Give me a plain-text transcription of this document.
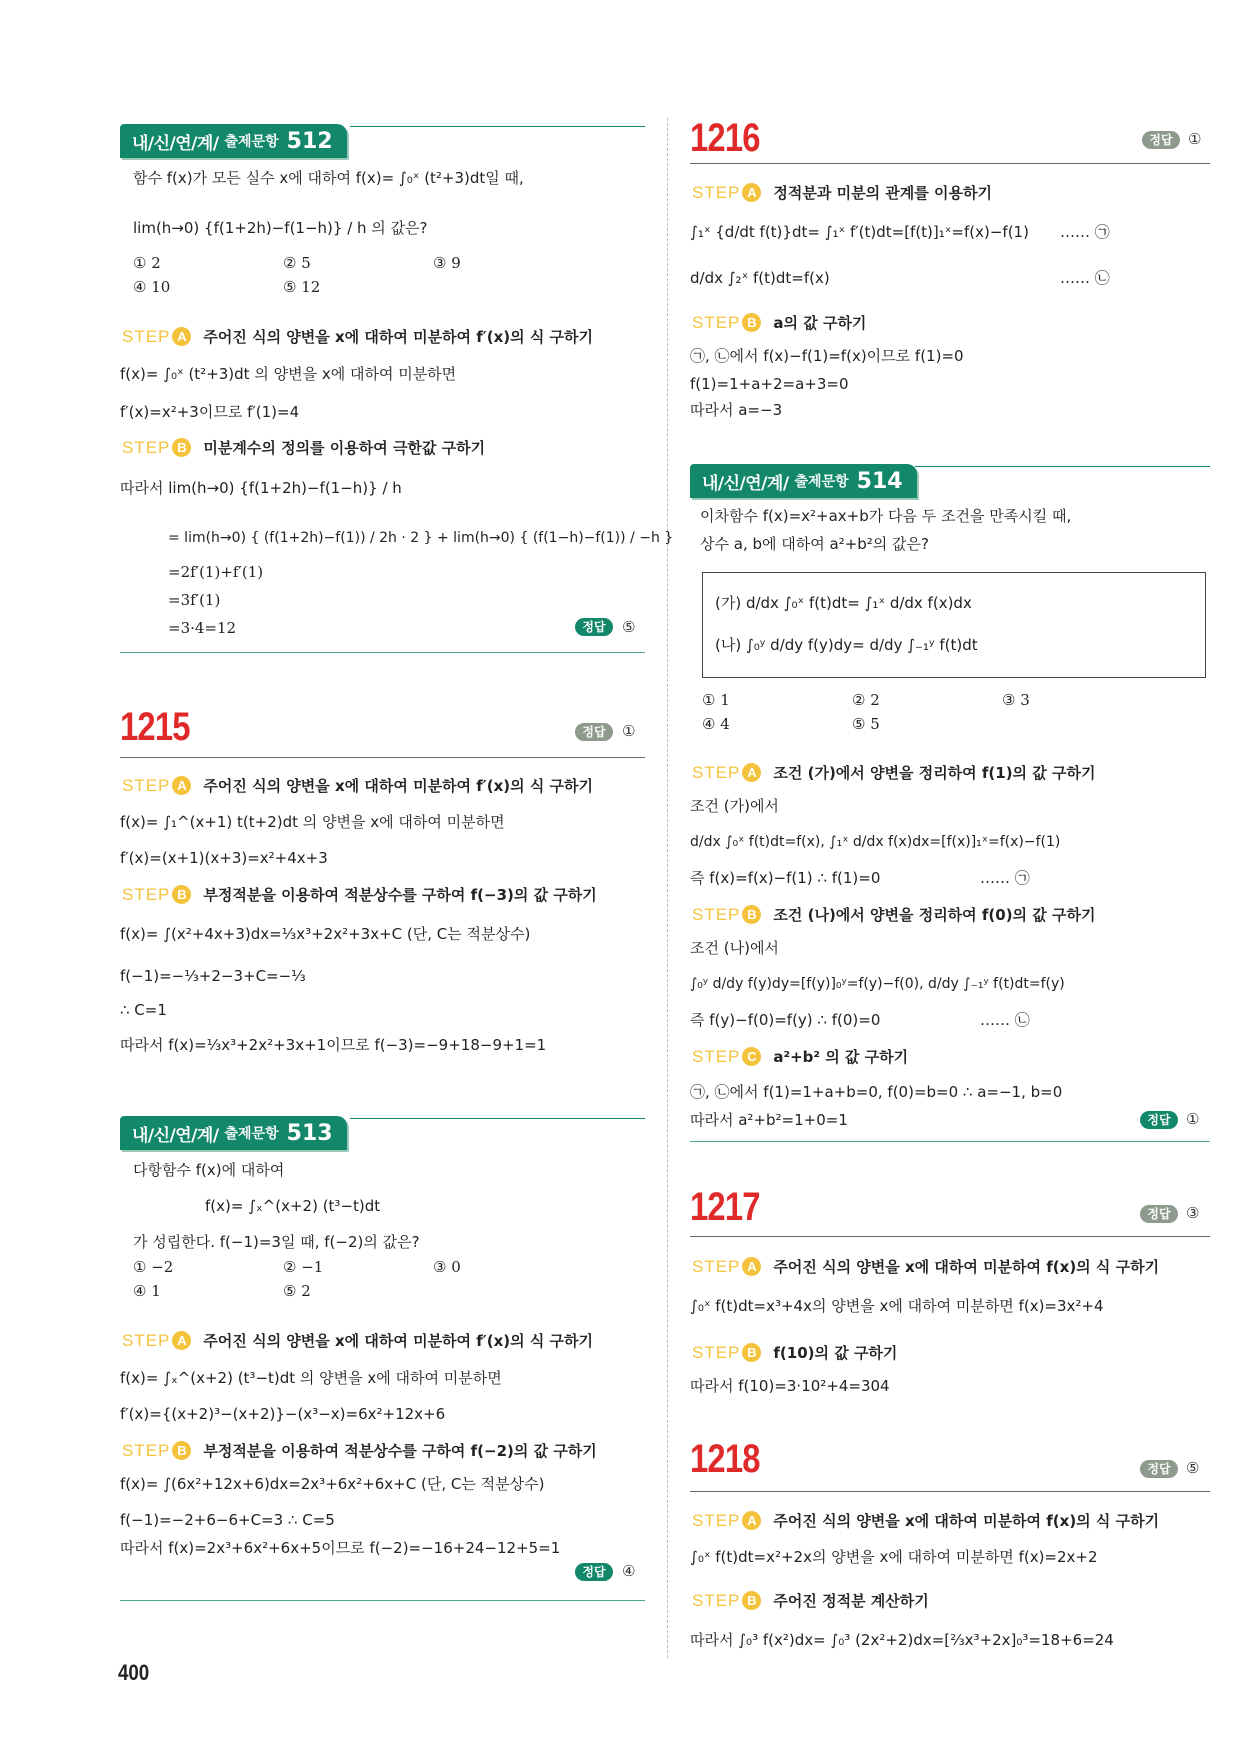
내/신/연/계/ 출제문항 512
함수 f(x)가 모든 실수 x에 대하여 f(x)= ∫₀ˣ (t²+3)dt일 때,
lim(h→0) {f(1+2h)−f(1−h)} / h 의 값은?
① 2	② 5	③ 9
④ 10	⑤ 12
STEP A	주어진 식의 양변을 x에 대하여 미분하여 f′(x)의 식 구하기
f(x)= ∫₀ˣ (t²+3)dt 의 양변을 x에 대하여 미분하면
f′(x)=x²+3이므로 f′(1)=4
STEP B	미분계수의 정의를 이용하여 극한값 구하기
따라서 lim(h→0) {f(1+2h)−f(1−h)} / h
= lim(h→0) { (f(1+2h)−f(1)) / 2h · 2 } + lim(h→0) { (f(1−h)−f(1)) / −h }
=2f′(1)+f′(1)
=3f′(1)
=3·4=12	정답	⑤
1215	정답	①
STEP A	주어진 식의 양변을 x에 대하여 미분하여 f′(x)의 식 구하기
f(x)= ∫₁^(x+1) t(t+2)dt 의 양변을 x에 대하여 미분하면
f′(x)=(x+1)(x+3)=x²+4x+3
STEP B	부정적분을 이용하여 적분상수를 구하여 f(−3)의 값 구하기
f(x)= ∫(x²+4x+3)dx=⅓x³+2x²+3x+C (단, C는 적분상수)
f(−1)=−⅓+2−3+C=−⅓
∴ C=1
따라서 f(x)=⅓x³+2x²+3x+1이므로 f(−3)=−9+18−9+1=1
내/신/연/계/ 출제문항 513
다항함수 f(x)에 대하여
f(x)= ∫ₓ^(x+2) (t³−t)dt
가 성립한다. f(−1)=3일 때, f(−2)의 값은?
① −2	② −1	③ 0
④ 1	⑤ 2
STEP A	주어진 식의 양변을 x에 대하여 미분하여 f′(x)의 식 구하기
f(x)= ∫ₓ^(x+2) (t³−t)dt 의 양변을 x에 대하여 미분하면
f′(x)={(x+2)³−(x+2)}−(x³−x)=6x²+12x+6
STEP B	부정적분을 이용하여 적분상수를 구하여 f(−2)의 값 구하기
f(x)= ∫(6x²+12x+6)dx=2x³+6x²+6x+C (단, C는 적분상수)
f(−1)=−2+6−6+C=3 ∴ C=5
따라서 f(x)=2x³+6x²+6x+5이므로 f(−2)=−16+24−12+5=1
정답	④
400
1216	정답	①
STEP A	정적분과 미분의 관계를 이용하기
∫₁ˣ {d/dt f(t)}dt= ∫₁ˣ f′(t)dt=[f(t)]₁ˣ=f(x)−f(1) …… ㉠
d/dx ∫₂ˣ f(t)dt=f(x)	…… ㉡
STEP B	a의 값 구하기
㉠, ㉡에서 f(x)−f(1)=f(x)이므로 f(1)=0
f(1)=1+a+2=a+3=0
따라서 a=−3
내/신/연/계/ 출제문항 514
이차함수 f(x)=x²+ax+b가 다음 두 조건을 만족시킬 때,
상수 a, b에 대하여 a²+b²의 값은?
(가) d/dx ∫₀ˣ f(t)dt= ∫₁ˣ d/dx f(x)dx
(나) ∫₀ʸ d/dy f(y)dy= d/dy ∫₋₁ʸ f(t)dt
① 1	② 2	③ 3
④ 4	⑤ 5
STEP A	조건 (가)에서 양변을 정리하여 f(1)의 값 구하기
조건 (가)에서
d/dx ∫₀ˣ f(t)dt=f(x), ∫₁ˣ d/dx f(x)dx=[f(x)]₁ˣ=f(x)−f(1)
즉 f(x)=f(x)−f(1) ∴ f(1)=0	…… ㉠
STEP B	조건 (나)에서 양변을 정리하여 f(0)의 값 구하기
조건 (나)에서
∫₀ʸ d/dy f(y)dy=[f(y)]₀ʸ=f(y)−f(0), d/dy ∫₋₁ʸ f(t)dt=f(y)
즉 f(y)−f(0)=f(y) ∴ f(0)=0	…… ㉡
STEP C	a²+b² 의 값 구하기
㉠, ㉡에서 f(1)=1+a+b=0, f(0)=b=0 ∴ a=−1, b=0
따라서 a²+b²=1+0=1	정답	①
1217	정답	③
STEP A	주어진 식의 양변을 x에 대하여 미분하여 f(x)의 식 구하기
∫₀ˣ f(t)dt=x³+4x의 양변을 x에 대하여 미분하면 f(x)=3x²+4
STEP B	f(10)의 값 구하기
따라서 f(10)=3·10²+4=304
1218	정답	⑤
STEP A	주어진 식의 양변을 x에 대하여 미분하여 f(x)의 식 구하기
∫₀ˣ f(t)dt=x²+2x의 양변을 x에 대하여 미분하면 f(x)=2x+2
STEP B	주어진 정적분 계산하기
따라서 ∫₀³ f(x²)dx= ∫₀³ (2x²+2)dx=[⅔x³+2x]₀³=18+6=24
